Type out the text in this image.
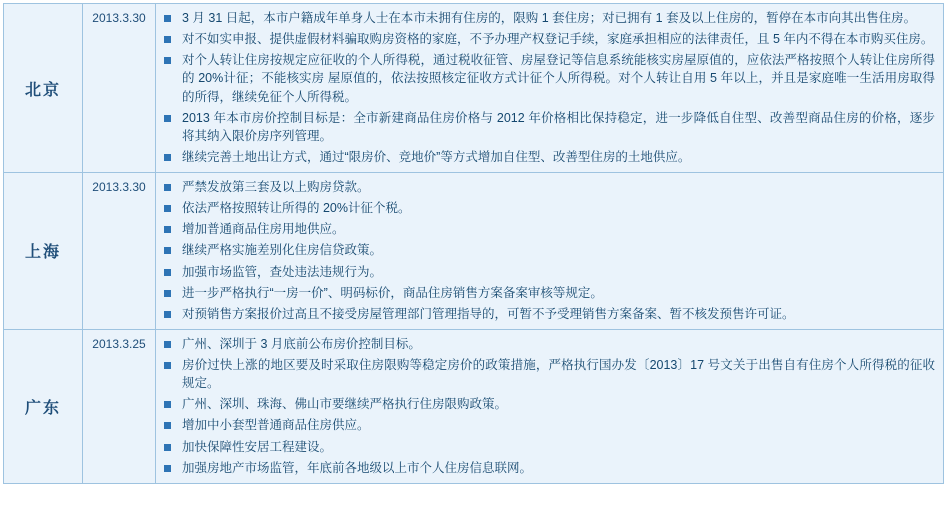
北京	2013.3.30	3 月 31 日起，本市户籍成年单身人士在本市未拥有住房的，限购 1 套住房；对已拥有 1 套及以上住房的，暂停在本市向其出售住房。
对不如实申报、提供虚假材料骗取购房资格的家庭，不予办理产权登记手续，家庭承担相应的法律责任，且 5 年内不得在本市购买住房。
对个人转让住房按规定应征收的个人所得税，通过税收征管、房屋登记等信息系统能核实房屋原值的，应依法严格按照个人转让住房所得的 20%计征；不能核实房 屋原值的，依法按照核定征收方式计征个人所得税。对个人转让自用 5 年以上，并且是家庭唯一生活用房取得的所得，继续免征个人所得税。
2013 年本市房价控制目标是：全市新建商品住房价格与 2012 年价格相比保持稳定，进一步降低自住型、改善型商品住房的价格，逐步将其纳入限价房序列管理。
继续完善土地出让方式，通过“限房价、竞地价”等方式增加自住型、改善型住房的土地供应。

上海	2013.3.30	严禁发放第三套及以上购房贷款。
依法严格按照转让所得的 20%计征个税。
增加普通商品住房用地供应。
继续严格实施差别化住房信贷政策。
加强市场监管，查处违法违规行为。
进一步严格执行“一房一价”、明码标价，商品住房销售方案备案审核等规定。
对预销售方案报价过高且不接受房屋管理部门管理指导的，可暂不予受理销售方案备案、暂不核发预售许可证。

广东	2013.3.25	广州、深圳于 3 月底前公布房价控制目标。
房价过快上涨的地区要及时采取住房限购等稳定房价的政策措施，严格执行国办发〔2013〕17 号文关于出售自有住房个人所得税的征收规定。
广州、深圳、珠海、佛山市要继续严格执行住房限购政策。
增加中小套型普通商品住房供应。
加快保障性安居工程建设。
加强房地产市场监管，年底前各地级以上市个人住房信息联网。
